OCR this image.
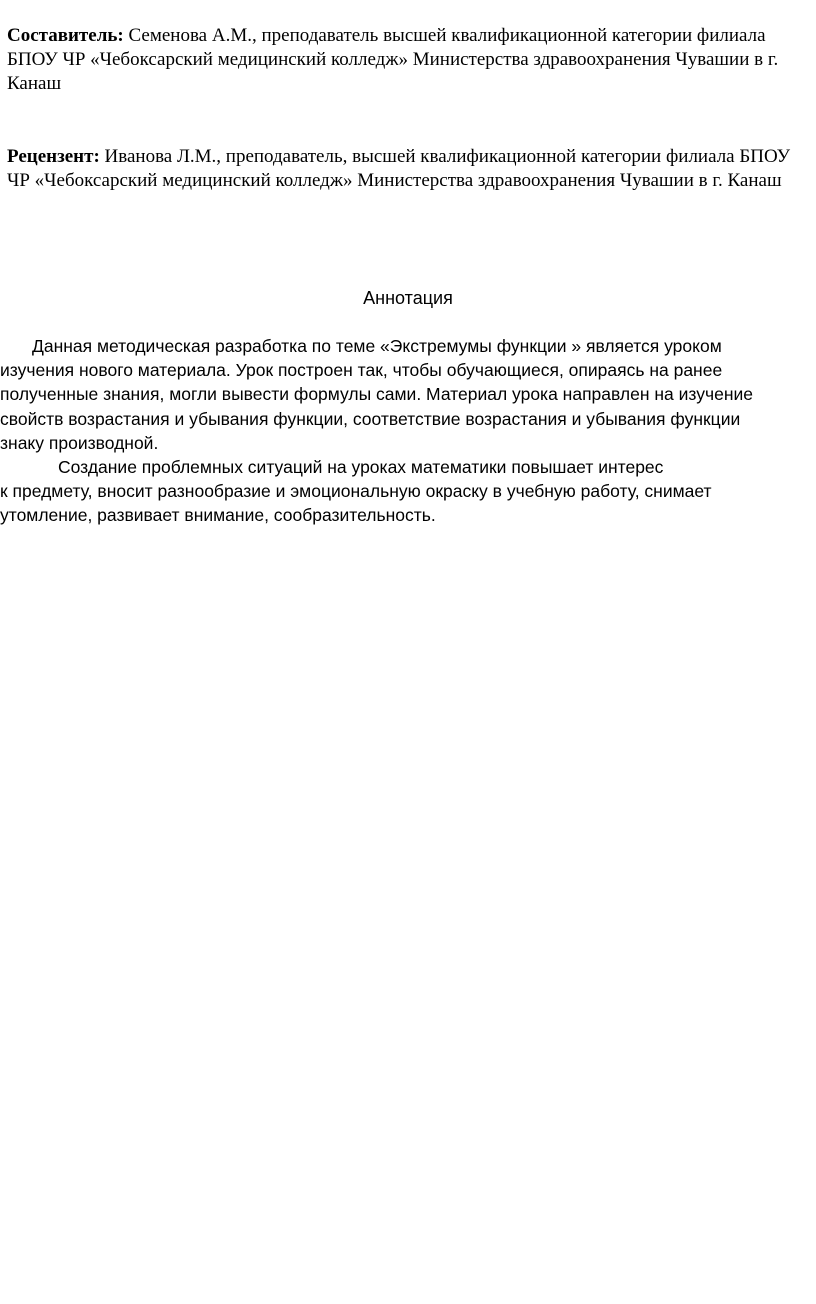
Составитель: Семенова А.М., преподаватель высшей квалификационной категории филиала
БПОУ ЧР «Чебоксарский медицинский колледж» Министерства здравоохранения Чувашии в г.
Канаш
Рецензент: Иванова Л.М., преподаватель, высшей квалификационной категории филиала БПОУ
ЧР «Чебоксарский медицинский колледж» Министерства здравоохранения Чувашии в г. Канаш
Аннотация
Данная методическая разработка по теме «Экстремумы функции » является уроком
изучения нового материала. Урок построен так, чтобы обучающиеся, опираясь на ранее
полученные знания, могли вывести формулы сами. Материал урока направлен на изучение
свойств возрастания и убывания функции, соответствие возрастания и убывания функции
знаку производной.
Создание проблемных ситуаций на уроках математики повышает интерес
к предмету, вносит разнообразие и эмоциональную окраску в учебную работу, снимает
утомление, развивает внимание, сообразительность.
